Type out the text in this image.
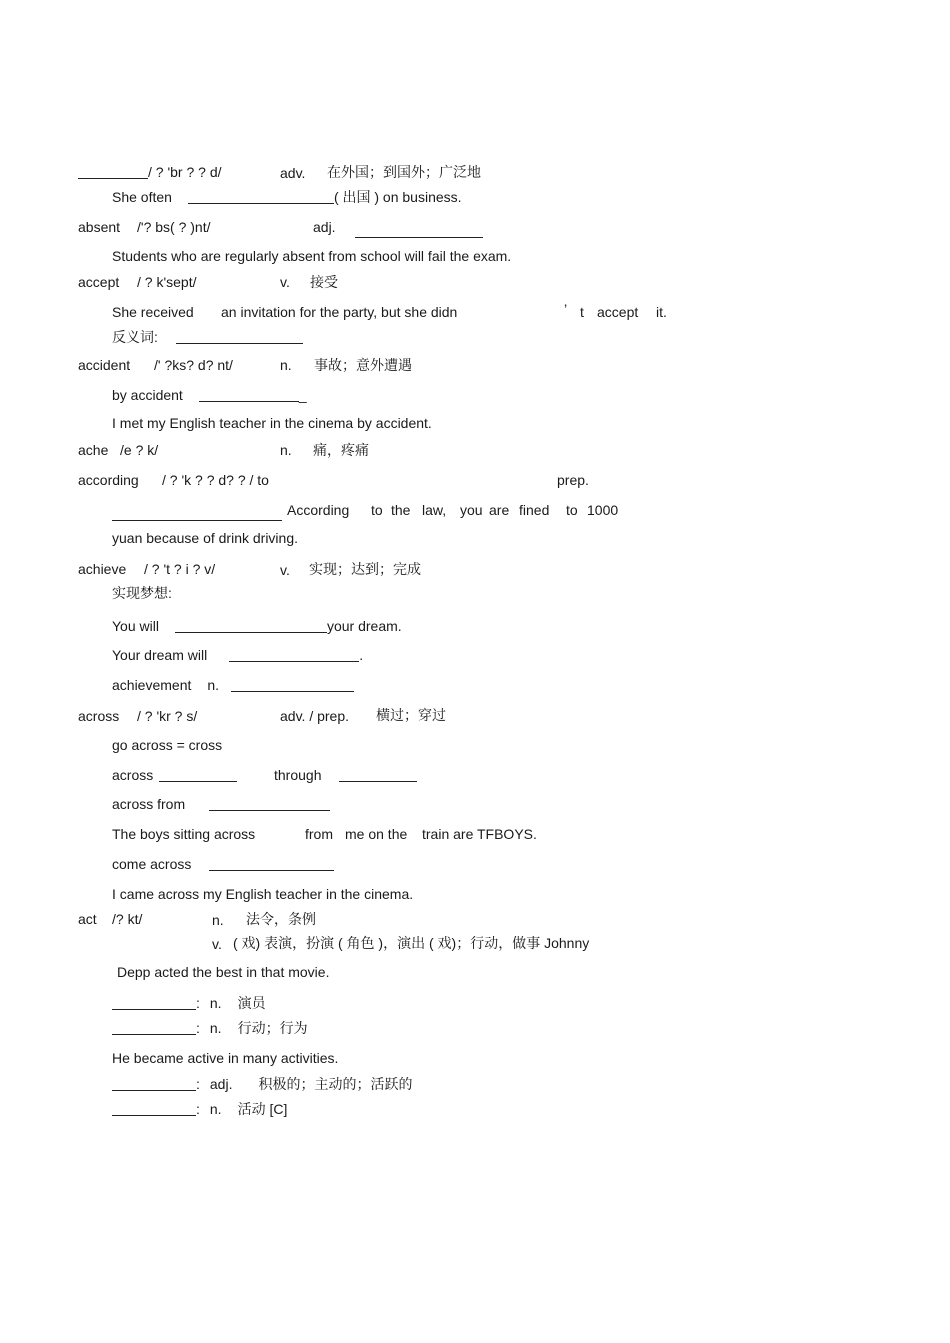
/ ? 'br ? ? d/	adv. 在外国；到国外；广泛地
She often	( 出国 ) on business.
absent /'? bs( ? )nt/	adj.
Students who are regularly absent from school will fail the exam.
accept / ? k'sept/	v. 接受
She received an invitation for the party, but she didn	’ t accept it.
反义词:
accident /' ?ks? d? nt/	n. 事故；意外遭遇
by accident	_
I met my English teacher in the cinema by accident.
ache /e ? k/	n. 痛，疼痛
according / ? 'k ? ? d? ? / to	prep.
According to the law, you are fined to 1000
yuan because of drink driving.
achieve / ? 't ? i ? v/	v. 实现；达到；完成
实现梦想:
You will	your dream.
Your dream will	.
achievement n.
across / ? 'kr ? s/	adv. / prep. 横过；穿过
go across = cross
across	through
across from
The boys sitting across	from me on the train are TFBOYS.
come across
I came across my English teacher in the cinema.
act /? kt/	n. 法令，条例
v. ( 戏) 表演，扮演 ( 角色 )，演出 ( 戏)；行动，做事 Johnny
Depp acted the best in that movie.
: n. 演员
: n. 行动；行为
He became active in many activities.
: adj. 积极的；主动的；活跃的
: n. 活动 [C]
